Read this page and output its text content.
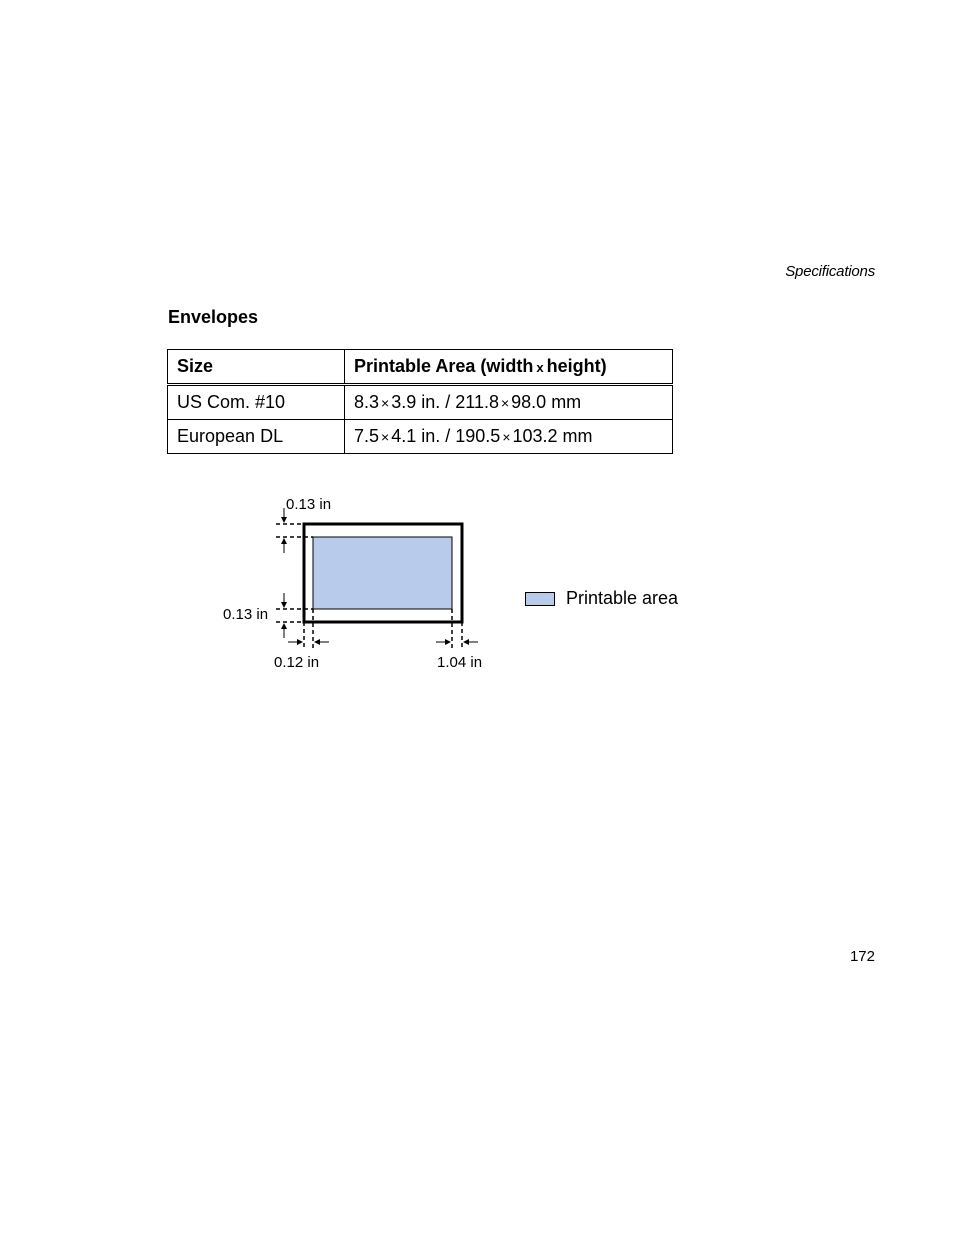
Specifications
Envelopes
Size	Printable Area (width x height)
US Com. #10	8.3 × 3.9 in. / 211.8 × 98.0 mm
European DL	7.5 × 4.1 in. / 190.5 × 103.2 mm
0.13 in
0.13 in
0.12 in	1.04 in
Printable area
172
